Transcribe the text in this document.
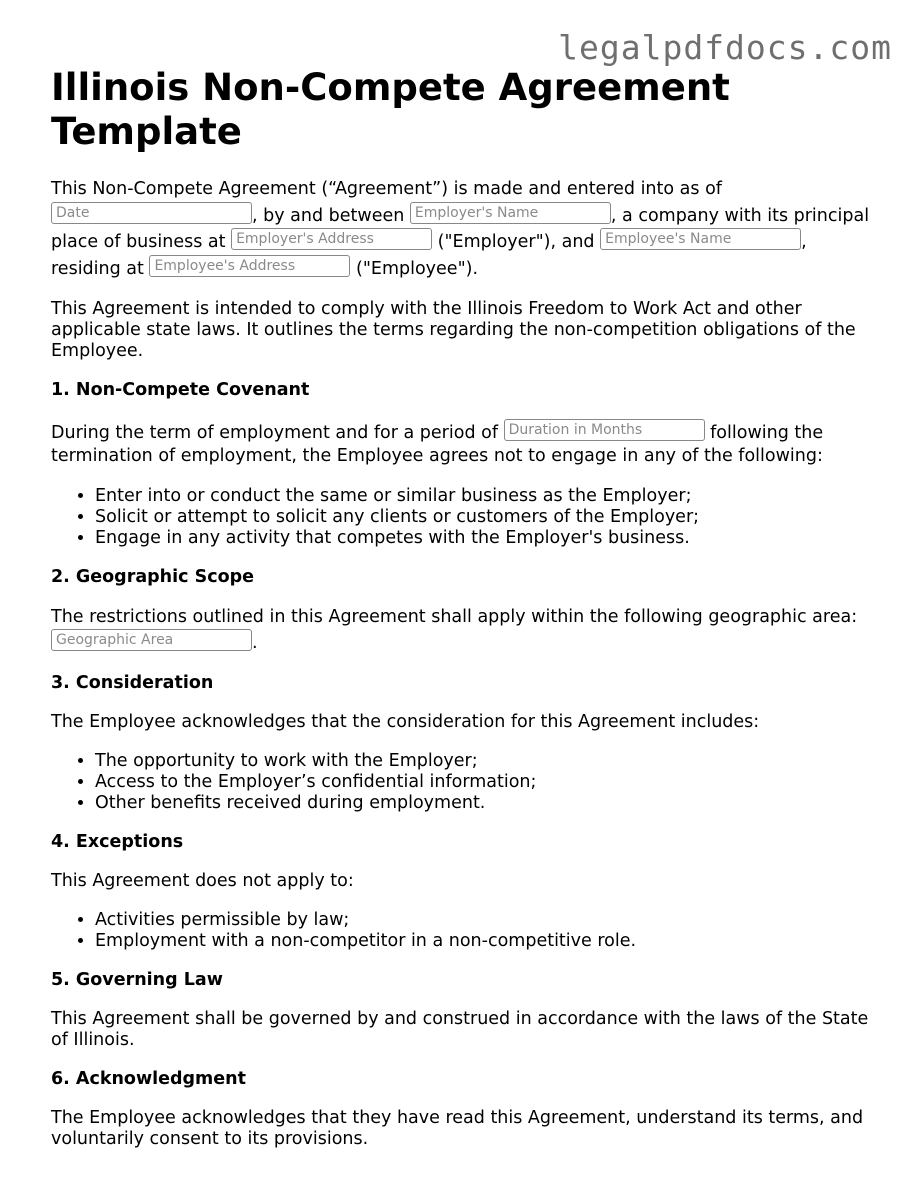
legalpdfdocs.com
Illinois Non-Compete Agreement Template

This Non-Compete Agreement (“Agreement”) is made and entered into as of Date	, by and between Employer's Name	, a company with its principal place of business at Employer's Address	("Employer"), and Employee's Name	, residing at Employee's Address	("Employee").

This Agreement is intended to comply with the Illinois Freedom to Work Act and other applicable state laws. It outlines the terms regarding the non-competition obligations of the Employee.

1. Non-Compete Covenant

During the term of employment and for a period of Duration in Months	following the termination of employment, the Employee agrees not to engage in any of the following:

• Enter into or conduct the same or similar business as the Employer;
• Solicit or attempt to solicit any clients or customers of the Employer;
• Engage in any activity that competes with the Employer's business.
2. Geographic Scope

The restrictions outlined in this Agreement shall apply within the following geographic area: Geographic Area	.

3. Consideration

The Employee acknowledges that the consideration for this Agreement includes:

• The opportunity to work with the Employer;
• Access to the Employer’s confidential information;
• Other benefits received during employment.
4. Exceptions

This Agreement does not apply to:

• Activities permissible by law;
• Employment with a non-competitor in a non-competitive role.
5. Governing Law

This Agreement shall be governed by and construed in accordance with the laws of the State of Illinois.

6. Acknowledgment

The Employee acknowledges that they have read this Agreement, understand its terms, and voluntarily consent to its provisions.
